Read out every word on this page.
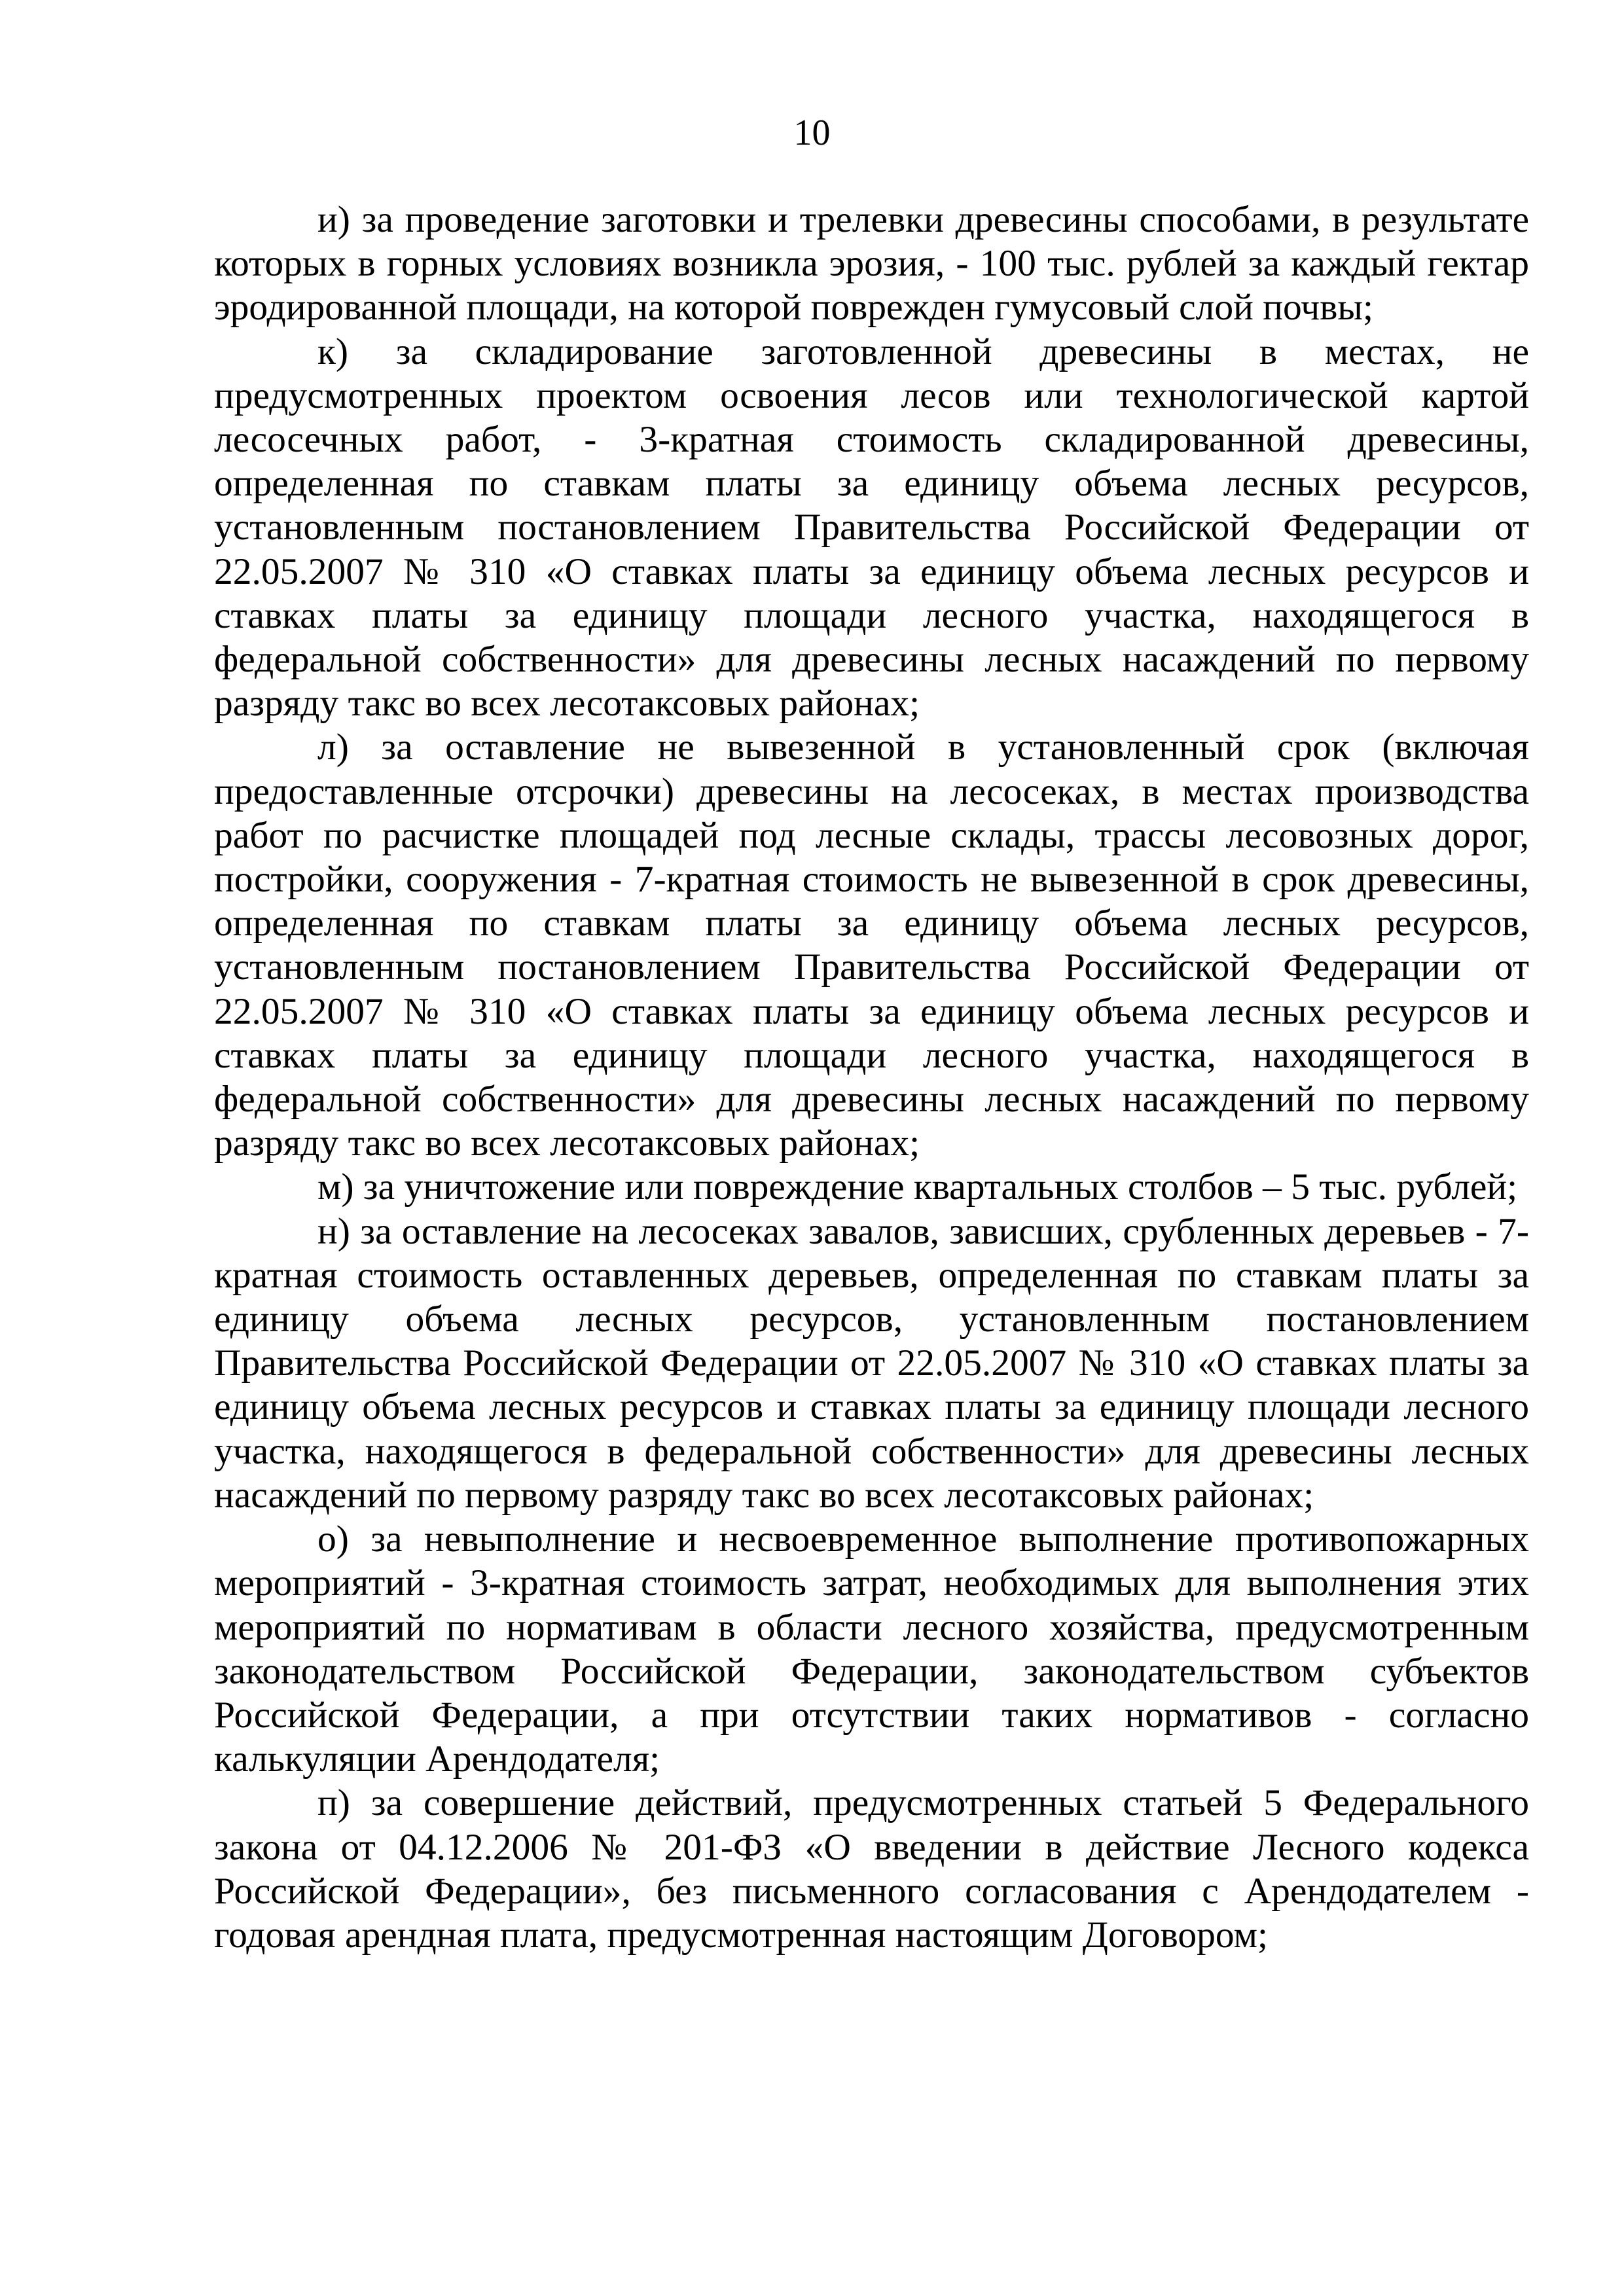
10

и) за проведение заготовки и трелевки древесины способами, в результате которых в горных условиях возникла эрозия, - 100 тыс. рублей за каждый гектар эродированной площади, на которой поврежден гумусовый слой почвы;

к) за складирование заготовленной древесины в местах, не предусмотренных проектом освоения лесов или технологической картой лесосечных работ, - 3-кратная стоимость складированной древесины, определенная по ставкам платы за единицу объема лесных ресурсов, установленным постановлением Правительства Российской Федерации от 22.05.2007 № 310 «О ставках платы за единицу объема лесных ресурсов и ставках платы за единицу площади лесного участка, находящегося в федеральной собственности» для древесины лесных насаждений по первому разряду такс во всех лесотаксовых районах;

л) за оставление не вывезенной в установленный срок (включая предоставленные отсрочки) древесины на лесосеках, в местах производства работ по расчистке площадей под лесные склады, трассы лесовозных дорог, постройки, сооружения - 7-кратная стоимость не вывезенной в срок древесины, определенная по ставкам платы за единицу объема лесных ресурсов, установленным постановлением Правительства Российской Федерации от 22.05.2007 № 310 «О ставках платы за единицу объема лесных ресурсов и ставках платы за единицу площади лесного участка, находящегося в федеральной собственности» для древесины лесных насаждений по первому разряду такс во всех лесотаксовых районах;

м) за уничтожение или повреждение квартальных столбов – 5 тыс. рублей;

н) за оставление на лесосеках завалов, зависших, срубленных деревьев - 7-кратная стоимость оставленных деревьев, определенная по ставкам платы за единицу объема лесных ресурсов, установленным постановлением Правительства Российской Федерации от 22.05.2007 № 310 «О ставках платы за единицу объема лесных ресурсов и ставках платы за единицу площади лесного участка, находящегося в федеральной собственности» для древесины лесных насаждений по первому разряду такс во всех лесотаксовых районах;

о) за невыполнение и несвоевременное выполнение противопожарных мероприятий - 3-кратная стоимость затрат, необходимых для выполнения этих мероприятий по нормативам в области лесного хозяйства, предусмотренным законодательством Российской Федерации, законодательством субъектов Российской Федерации, а при отсутствии таких нормативов - согласно калькуляции Арендодателя;

п) за совершение действий, предусмотренных статьей 5 Федерального закона от 04.12.2006 № 201-ФЗ «О введении в действие Лесного кодекса Российской Федерации», без письменного согласования с Арендодателем - годовая арендная плата, предусмотренная настоящим Договором;
